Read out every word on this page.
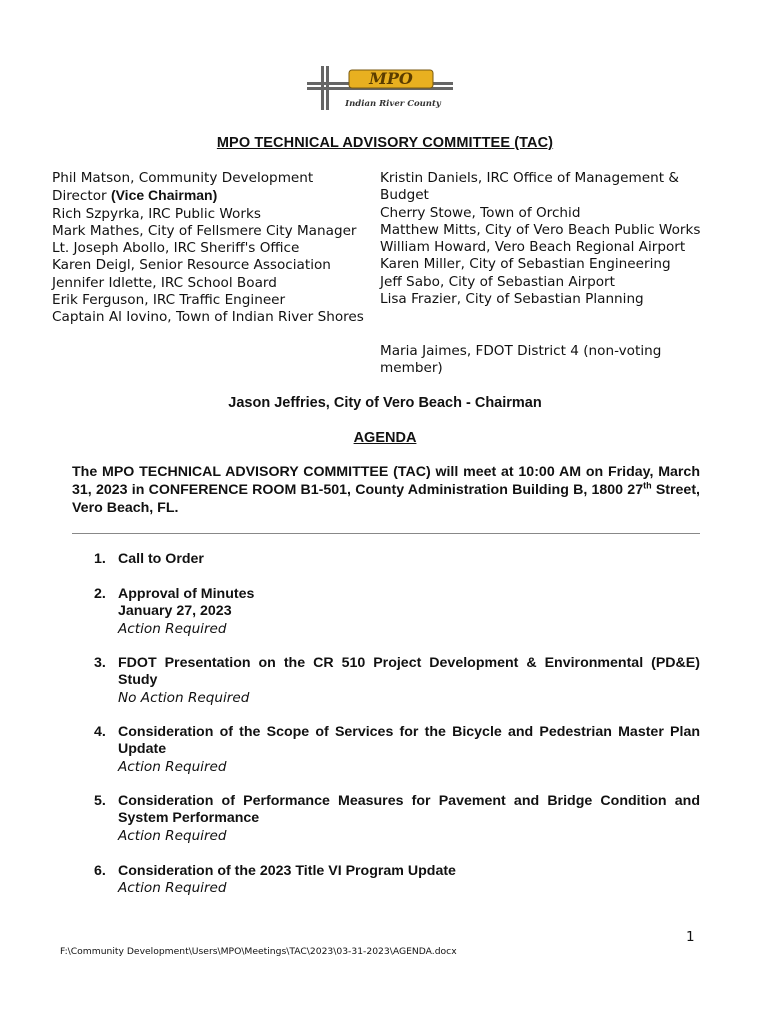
MPO
Indian River County
MPO TECHNICAL ADVISORY COMMITTEE (TAC)
Phil Matson, Community Development Director (Vice Chairman)
Rich Szpyrka, IRC Public Works
Mark Mathes, City of Fellsmere City Manager
Lt. Joseph Abollo, IRC Sheriff's Office
Karen Deigl, Senior Resource Association
Jennifer Idlette, IRC School Board
Erik Ferguson, IRC Traffic Engineer
Captain Al Iovino, Town of Indian River Shores
Kristin Daniels, IRC Office of Management & Budget
Cherry Stowe, Town of Orchid
Matthew Mitts, City of Vero Beach Public Works
William Howard, Vero Beach Regional Airport
Karen Miller, City of Sebastian Engineering
Jeff Sabo, City of Sebastian Airport
Lisa Frazier, City of Sebastian Planning
Maria Jaimes, FDOT District 4 (non-voting member)
Jason Jeffries, City of Vero Beach - Chairman
AGENDA
The MPO TECHNICAL ADVISORY COMMITTEE (TAC) will meet at 10:00 AM on Friday, March 31, 2023 in CONFERENCE ROOM B1-501, County Administration Building B, 1800 27th Street, Vero Beach, FL.
1. Call to Order
2. Approval of Minutes
January 27, 2023
Action Required
3. FDOT Presentation on the CR 510 Project Development & Environmental (PD&E) Study
No Action Required
4. Consideration of the Scope of Services for the Bicycle and Pedestrian Master Plan Update
Action Required
5. Consideration of Performance Measures for Pavement and Bridge Condition and System Performance
Action Required
6. Consideration of the 2023 Title VI Program Update
Action Required
1
F:\Community Development\Users\MPO\Meetings\TAC\2023\03-31-2023\AGENDA.docx
